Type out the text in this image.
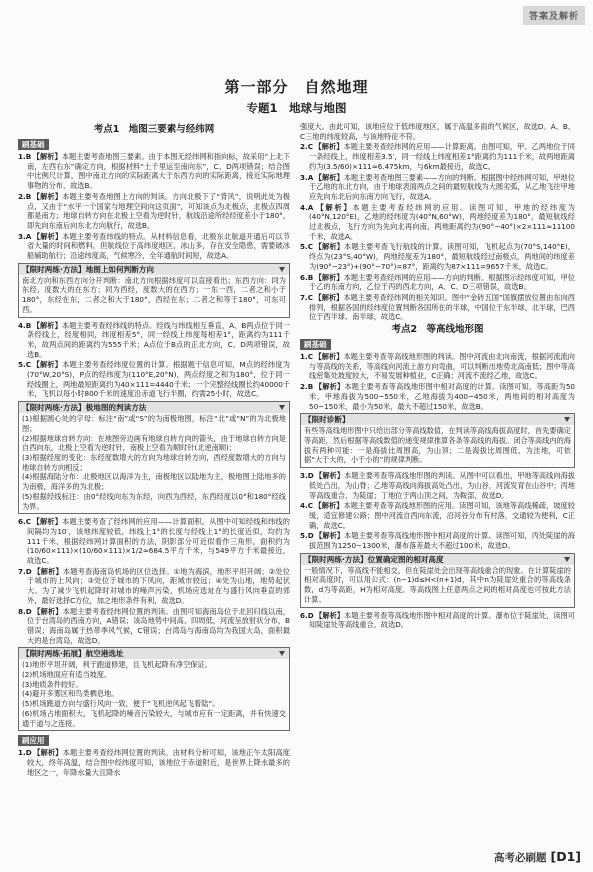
答案及解析
第一部分　自然地理
专题1　地球与地图
考点1　地图三要素与经纬网
刷基础

1.B 【解析】本题主要考查地图三要素。由于本图无经纬网和指向标，故采用“上北下南，左西右东”确定方向，根据材料“土千里运至南向东”，C、D两项错误；结合图中比例尺计算，图中南北方向的实际距离大于东西方向的实际距离，接近实际地理事物的分布，故选B。

2.B 【解析】本题主要考查地图上方向的判读。方向北极下了“背风”，说明此处为极点，又由于“水平一个国家与地理空间向这页面”，可知该点为北极点，北极点四周都是南方；地球自转方向在北极上空看为逆时针，航线沿途所经经度差小于180°，即先向东南后向东北方向航行，故选B。

3.A 【解析】本题主要考查纬线的特点。从材料信息看，北极东北航道开通后可以节省大量的时间和燃料，但航线位于高纬度地区，冰山多，存在安全隐患，需要破冰船辅助航行；沿途纬度高，气候寒冷，全年通航时间短，故选A。

【限时两练·方法】地图上如何判断方向

南北方向和东西方向分开判断：南北方向根据纬度可以直接看出；东西方向：同为东经，度数大的在东方；同为西经，度数大的在西方；一东一西，二者之和小于180°，东经在东，二者之和大于180°，西经在东；二者之和等于180°，可东可西。

4.B 【解析】本题主要考查经纬线的特点。经线与纬线相互垂直，A、B两点位于同一条经线上，经度相同，纬度相差5°，同一经线上纬度每相差1°，距离约为111千米，故两点间的距离约为555千米；A点位于B点的正北方向，C、D两项错误，故选B。

5.C 【解析】本题主要考查经纬度位置的计算。根据题干信息可知，M点的经纬度为(70°W,20°S)，P点的经纬度为(110°E,20°N)，两点经度之和为180°，位于同一经线圈上，两地最短距离约为40×111=4440千米；一个完整经线圈长约40000千米，飞机以每小时800千米的速度沿赤道飞行半圈，约需25小时，故选C。

【限时两练·方法】极地图的判读方法

(1)根据圆心处的字母：标注“南”或“S”的为南极地图，标注“北”或“N”的为北极地图；

(2)根据地球自转方向：在地图旁边画有地球自转方向的箭头，由于地球自转方向是自西向东，北极上空看为逆时针，南极上空看为顺时针(北逆南顺)；

(3)根据经度的变化：东经度数增大的方向为地球自转方向，西经度数增大的方向与地球自转方向相反；

(4)根据海陆分布：北极地区以海洋为主，南极地区以陆地为主，极地图上陆地多的为南极，海洋多的为北极；

(5)根据经线标注：由0°经线向东为东经，向西为西经，东西经度以0°和180°经线为界。

6.C 【解析】本题主要考查了经纬网的应用——计算面积。从图中可知经线和纬线的间隔均为10′，该地纬度较低，纬线上1°的长度与经线上1°的长度近似，均约为111千米，根据经纬网计算面积的方法，阴影部分可近似看作三角形，面积约为(10/60×111)×(10/60×111)×1/2≈684.5平方千米，与549平方千米最接近，故选C。

7.D 【解析】本题考查海南岛机场的区位选择。①地为海滨，地形平坦开阔；②处位于城市的上风向；③处位于城市的下风向，距城市较远；④处为山地，地势起伏大。为了减少飞机起降时对城市的噪声污染，机场应选址在与盛行风向垂直的郊外，最好选择C方位，加之地形条件有利，故选D。

8.D 【解析】本题主要考查经纬网位置的判读。由图可知海南岛位于北回归线以南，位于台湾岛的西南方向，A错误；该岛地势中间高、四周低，河流呈放射状分布，B错误；海南岛属于热带季风气候，C错误；台湾岛与海南岛均为我国大岛，面积最大的是台湾岛，故选D。

【限时两练·拓展】航空港选址

(1)地形平坦开阔，利于跑道修建，且飞机起降有净空保证。

(2)机场地面应有适当坡度。

(3)地质条件较好。

(4)避开多雾区和鸟类栖息地。

(5)机场跑道方向与盛行风向一致，便于“飞机逆风起飞着陆”。

(6)机场占地面积大，飞机起降的噪音污染较大，与城市应有一定距离，并有快速交通干道与之连接。

刷应用

1.D 【解析】本题主要考查经纬网位置的判读。由材料分析可知，该地正午太阳高度较大，终年高温，结合图中经纬度可知，该地位于赤道附近，是世界上降水最多的地区之一，年降水量大且降水

强度大。由此可知，该地应位于低纬度地区，属于高温多雨的气候区，故选D。A、B、C三地的纬度较高，与该地特征不符。

2.C 【解析】本题主要考查经纬网的应用——计算距离。由图可知，甲、乙两地位于同一条经线上，纬度相差3.5′，同一经线上纬度相差1°距离约为111千米，故两地距离约为(3.5/60)×111≈6.475km，与6km最接近，故选C。

3.A 【解析】本题主要考查地图三要素——方向的判断。根据图中经纬网可知，甲地位于乙地的东北方向，由于地球表面两点之间的最短航线为大圆劣弧，从乙地飞往甲地应先向东北后向东南方向飞行，故选A。

4.A 【解析】本题主要考查经纬网的应用。读图可知，甲地的经纬度为(40°N,120°E)，乙地的经纬度为(40°N,60°W)，两地经度差为180°，最短航线经过北极点，飞行方向为先向北再向南，两地距离约为(90°−40°)×2×111≈11100千米，故选A。

5.C 【解析】本题主要考查飞行航线的计算。读图可知，飞机起点为(70°S,140°E)，终点为(23°S,40°W)，两地经度差为180°，最短航线经过南极点，两地间的纬度差为(90°−23°)+(90°−70°)=87°，距离约为87×111=9657千米，故选C。

6.B 【解析】本题主要考查经纬网的应用——方向的判断。根据图示经纬度可知，甲位于乙的东南方向，乙位于丙的西北方向，A、C、D三项错误，故选B。

7.C 【解析】本题主要考查经纬网的相关知识。图中“金砖五国”国旗摆放位置由东向西排列，根据各国的经纬度位置判断各国所在的半球，中国位于东半球、北半球，巴西位于西半球、南半球，故选C。

考点2　等高线地形图
刷基础

1.C 【解析】本题主要考查等高线地形图的判读。图中河流由北向南流，根据河流流向与等高线的关系，等高线向河流上游方向弯曲，可以判断出地势北高南低；图中等高线密集处坡度较大，不易发展种植业，C正确；河流不流经乙地，故选C。

2.B 【解析】本题主要考查等高线地形图中相对高度的计算。读图可知，等高距为50米，甲地海拔为500~550米，乙地海拔为400~450米，两地间的相对高度为50~150米，最小为50米，最大不超过150米，故选B。

【限时诊断】

有些等高线地形图中只给出部分等高线数值，在判读等高线海拔高度时，首先要确定等高距，然后根据等高线数值的递变规律推算各条等高线的海拔。闭合等高线内的海拔有两种可能：一是海拔比周围高，为山顶；二是海拔比周围低，为洼地，可依据“大于大的，小于小的”的规律判断。

3.D 【解析】本题主要考查等高线地形图的判读。从图中可以看出，甲地等高线向海拔低处凸出，为山脊；乙地等高线向海拔高处凸出，为山谷，河流发育在山谷中；丙地等高线重合，为陡崖；丁地位于两山顶之间，为鞍部，故选D。

4.C 【解析】本题主要考查等高线地形图的应用。读图可知，该地等高线稀疏，坡度较缓，适宜修建公路；图中河流自西向东流，沿河谷分布有村落，交通较为便利，C正确，故选C。

5.D 【解析】本题主要考查等高线地形图中相对高度的计算。读图可知，丙处陡崖的海拔范围为1250~1300米，瀑布落差最大不超过100米，故选D。

【限时两练·方法】位置确定图的相对高度

一般情况下，等高线不能相交，但在陡崖处会出现等高线重合的现象。在计算陡崖的相对高度时，可以用公式：(n−1)d≤H<(n+1)d，其中n为陡崖处重合的等高线条数，d为等高距，H为相对高度。等高线图上任意两点之间的相对高度也可按此方法计算。

6.D 【解析】本题主要考查等高线地形图中相对高度的计算。瀑布位于陡崖处，读图可知陡崖处等高线重合，故选D。

高考必刷题 [D1]
